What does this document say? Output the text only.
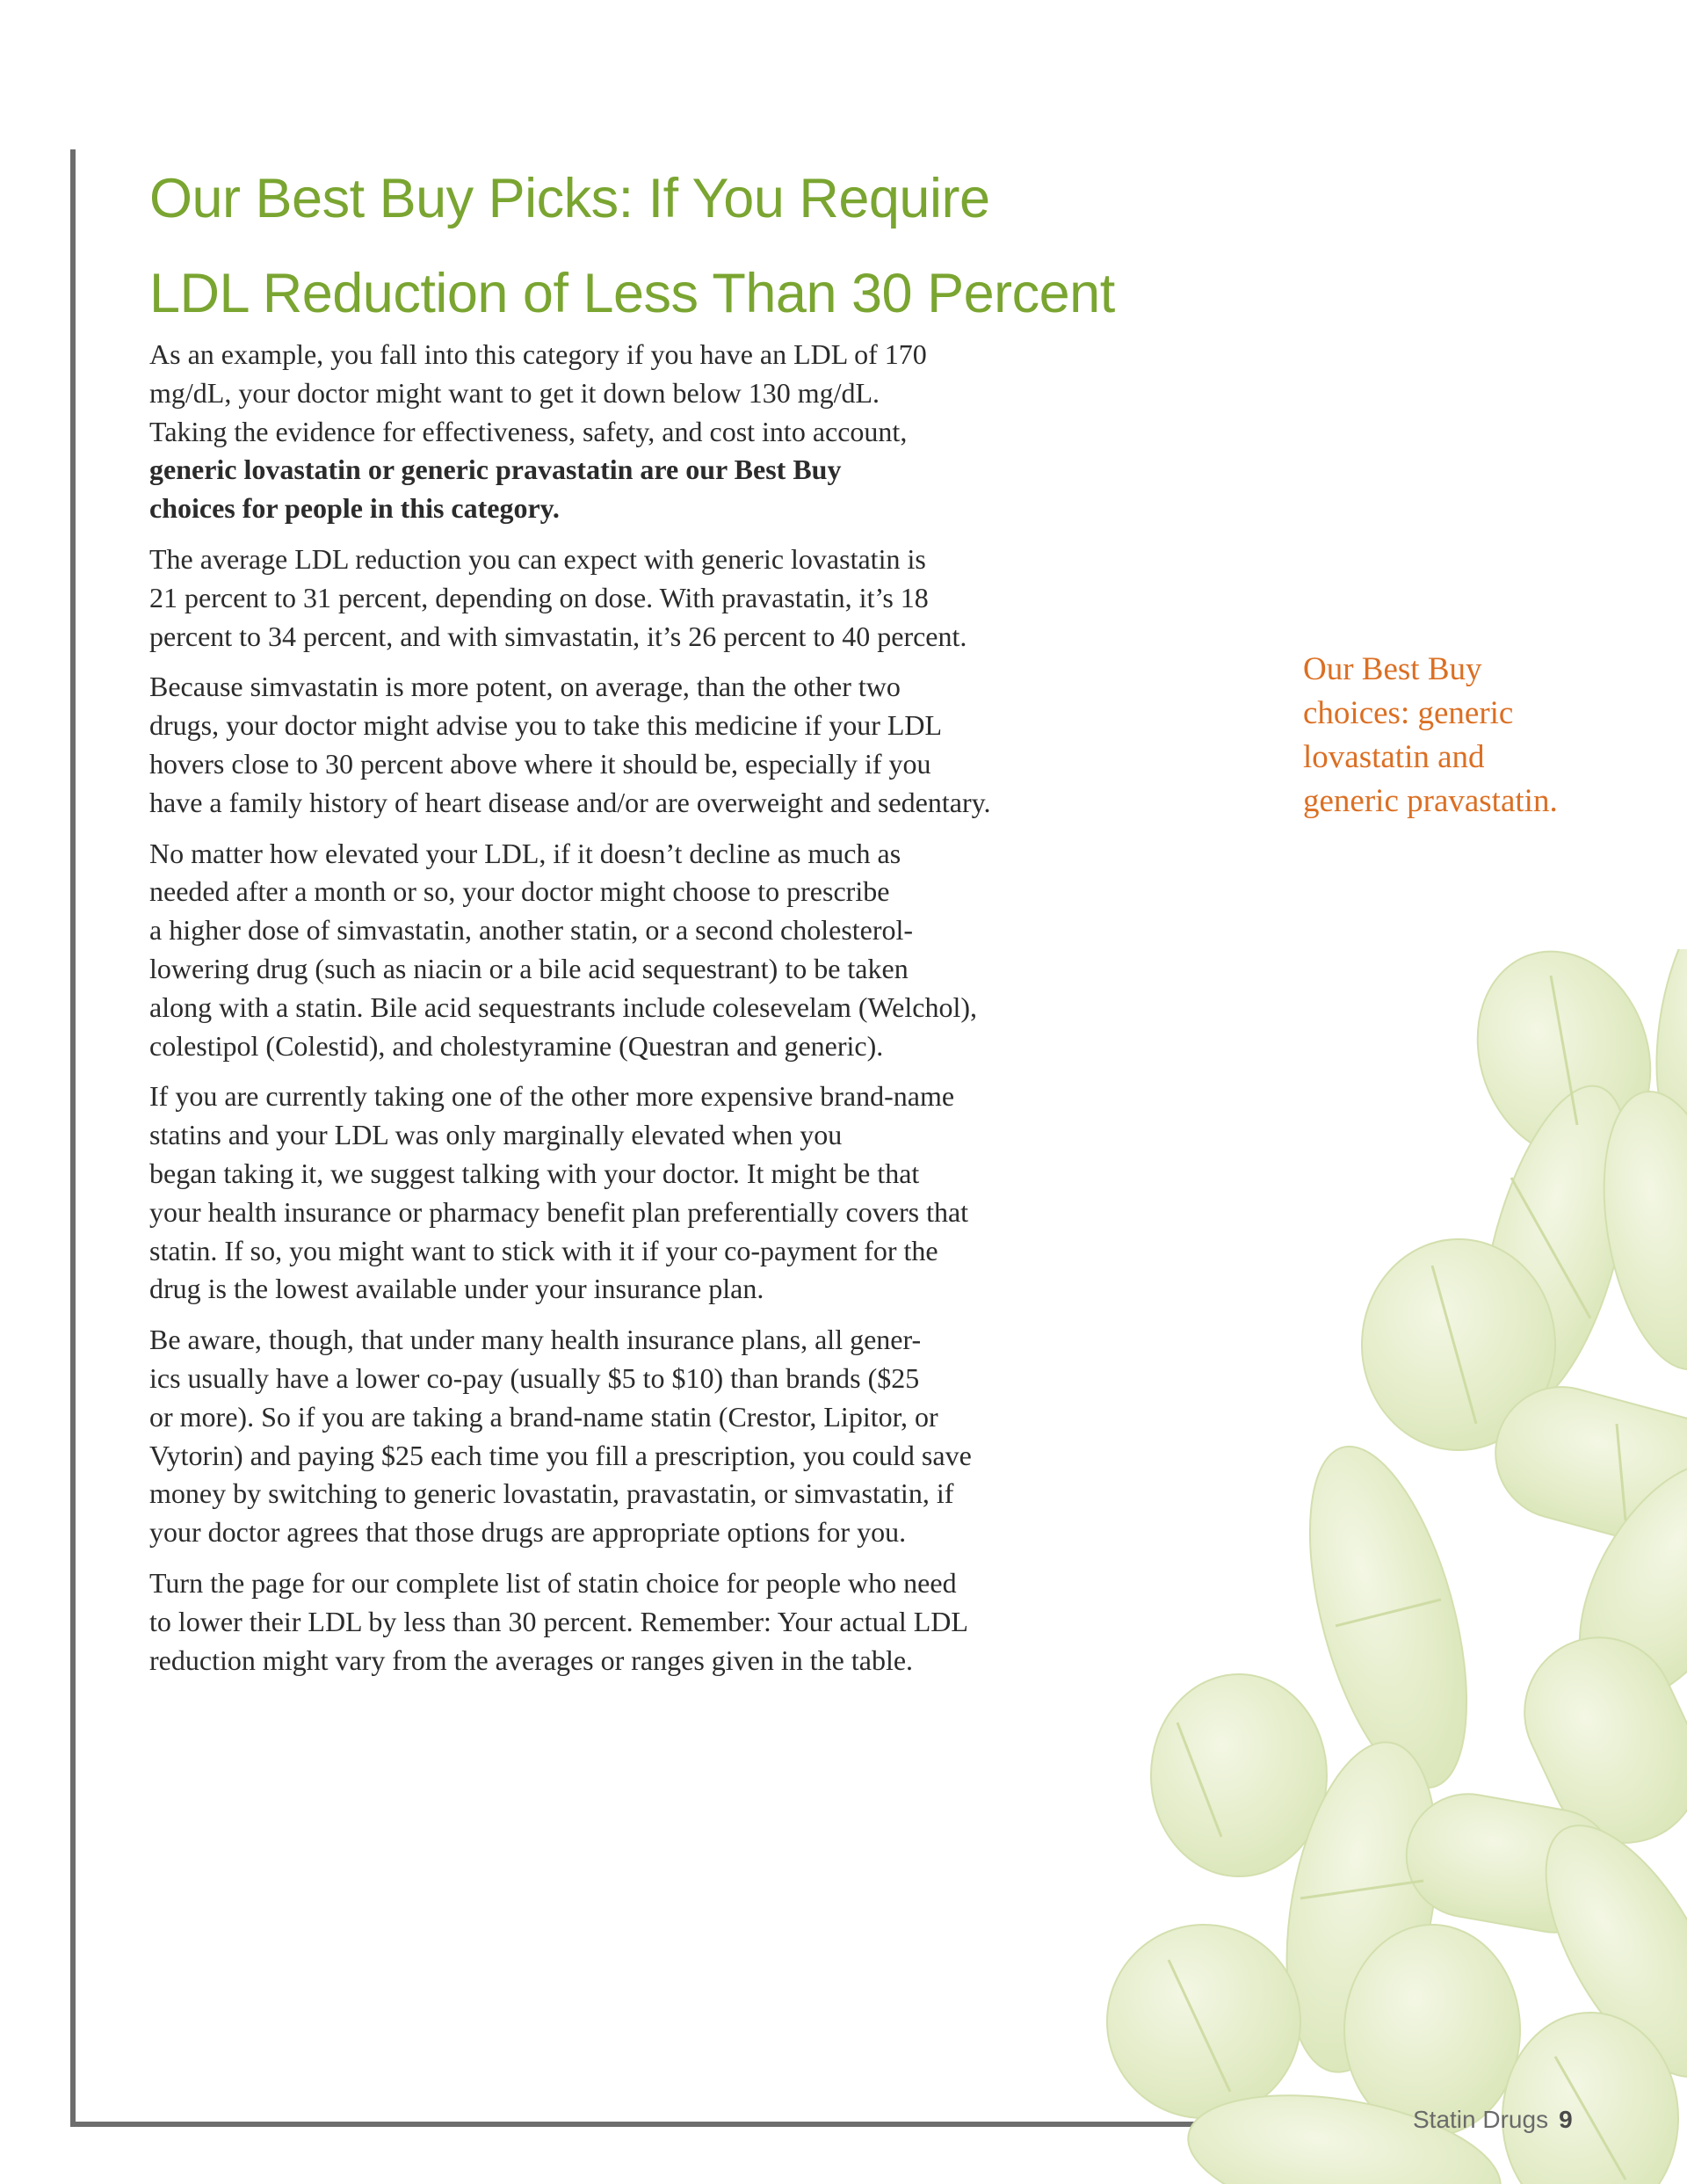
Our Best Buy Picks: If You Require
LDL Reduction of Less Than 30 Percent

As an example, you fall into this category if you have an LDL of 170
mg/dL, your doctor might want to get it down below 130 mg/dL.
Taking the evidence for effectiveness, safety, and cost into account,
generic lovastatin or generic pravastatin are our Best Buy
choices for people in this category.

The average LDL reduction you can expect with generic lovastatin is
21 percent to 31 percent, depending on dose. With pravastatin, it’s 18
percent to 34 percent, and with simvastatin, it’s 26 percent to 40 percent.

Because simvastatin is more potent, on average, than the other two
drugs, your doctor might advise you to take this medicine if your LDL
hovers close to 30 percent above where it should be, especially if you
have a family history of heart disease and/or are overweight and sedentary.

No matter how elevated your LDL, if it doesn’t decline as much as
needed after a month or so, your doctor might choose to prescribe
a higher dose of simvastatin, another statin, or a second cholesterol-
lowering drug (such as niacin or a bile acid sequestrant) to be taken
along with a statin. Bile acid sequestrants include colesevelam (Welchol),
colestipol (Colestid), and cholestyramine (Questran and generic).

If you are currently taking one of the other more expensive brand-name
statins and your LDL was only marginally elevated when you
began taking it, we suggest talking with your doctor. It might be that
your health insurance or pharmacy benefit plan preferentially covers that
statin. If so, you might want to stick with it if your co-payment for the
drug is the lowest available under your insurance plan.

Be aware, though, that under many health insurance plans, all gener-
ics usually have a lower co-pay (usually $5 to $10) than brands ($25
or more). So if you are taking a brand-name statin (Crestor, Lipitor, or
Vytorin) and paying $25 each time you fill a prescription, you could save
money by switching to generic lovastatin, pravastatin, or simvastatin, if
your doctor agrees that those drugs are appropriate options for you.

Turn the page for our complete list of statin choice for people who need
to lower their LDL by less than 30 percent. Remember: Your actual LDL
reduction might vary from the averages or ranges given in the table.

Our Best Buy
choices: generic
lovastatin and
generic pravastatin.
Statin Drugs 9
